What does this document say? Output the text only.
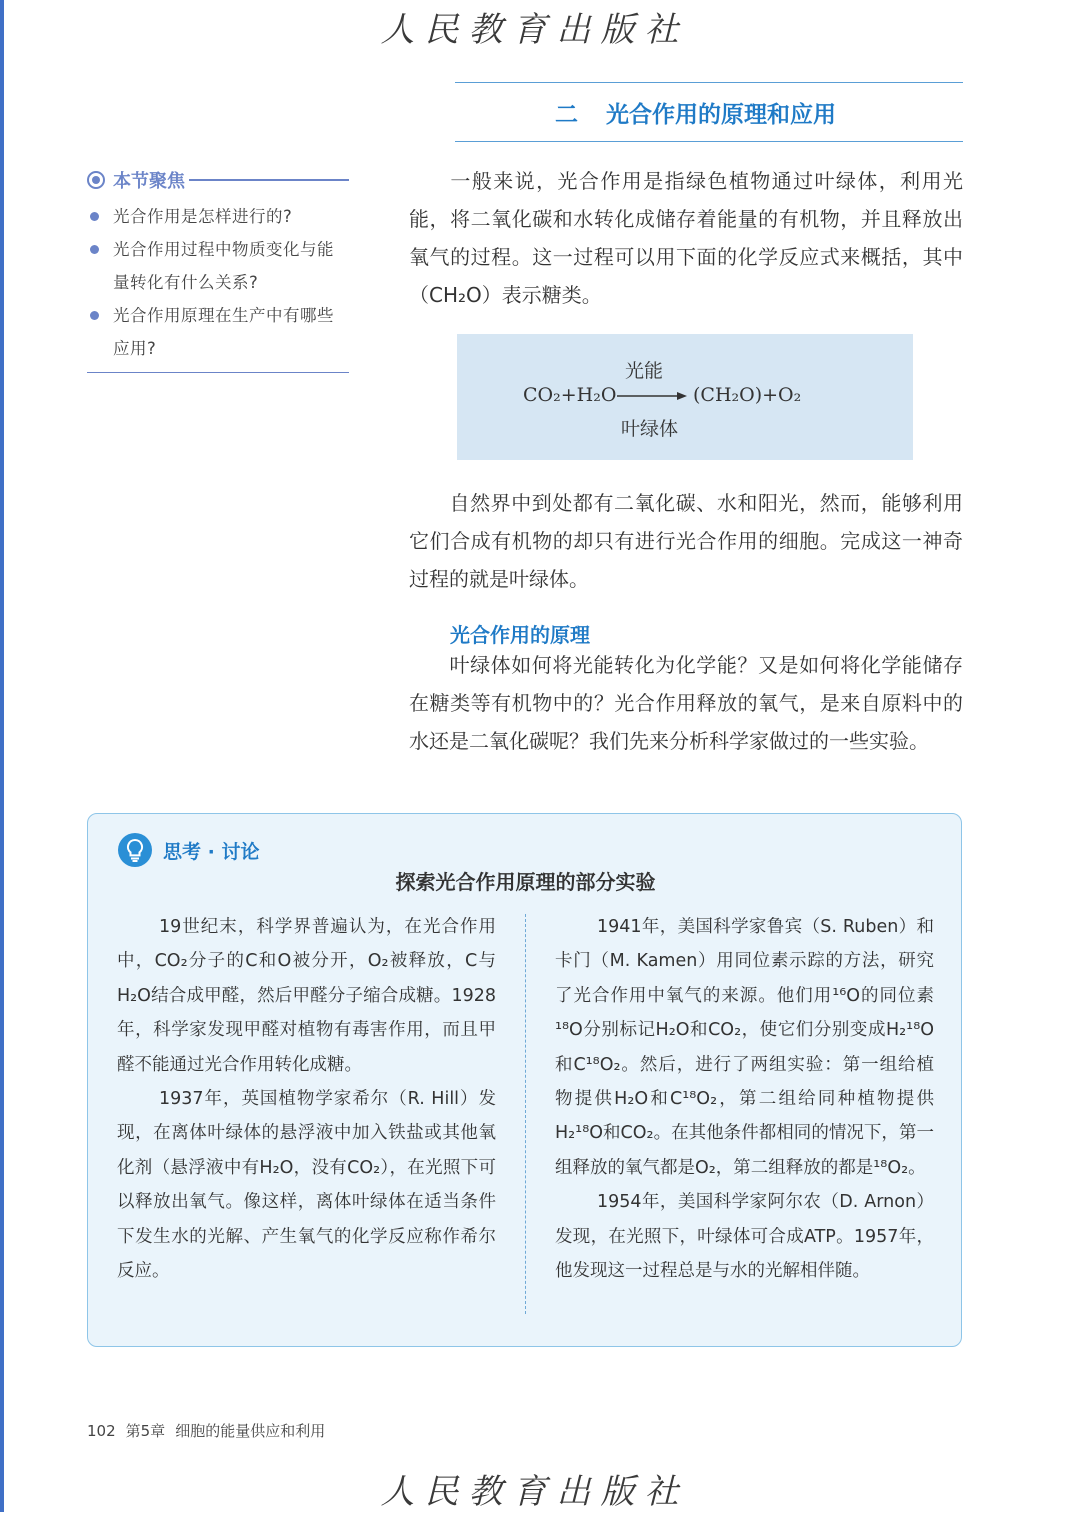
人民教育出版社
二 光合作用的原理和应用
本节聚焦
光合作用是怎样进行的?
光合作用过程中物质变化与能量转化有什么关系?
光合作用原理在生产中有哪些应用?

一般来说，光合作用是指绿色植物通过叶绿体，利用光能，将二氧化碳和水转化成储存着能量的有机物，并且释放出氧气的过程。这一过程可以用下面的化学反应式来概括，其中（CH₂O）表示糖类。

光能
CO₂+H₂O	(CH₂O)+O₂
叶绿体

自然界中到处都有二氧化碳、水和阳光，然而，能够利用它们合成有机物的却只有进行光合作用的细胞。完成这一神奇过程的就是叶绿体。

光合作用的原理

叶绿体如何将光能转化为化学能？又是如何将化学能储存在糖类等有机物中的？光合作用释放的氧气，是来自原料中的水还是二氧化碳呢？我们先来分析科学家做过的一些实验。

思考 · 讨论
探索光合作用原理的部分实验

19世纪末，科学界普遍认为，在光合作用中，CO₂分子的C和O被分开，O₂被释放，C与H₂O结合成甲醛，然后甲醛分子缩合成糖。1928年，科学家发现甲醛对植物有毒害作用，而且甲醛不能通过光合作用转化成糖。

1937年，英国植物学家希尔（R. Hill）发现，在离体叶绿体的悬浮液中加入铁盐或其他氧化剂（悬浮液中有H₂O，没有CO₂），在光照下可以释放出氧气。像这样，离体叶绿体在适当条件下发生水的光解、产生氧气的化学反应称作希尔反应。

1941年，美国科学家鲁宾（S. Ruben）和卡门（M. Kamen）用同位素示踪的方法，研究了光合作用中氧气的来源。他们用¹⁶O的同位素¹⁸O分别标记H₂O和CO₂，使它们分别变成H₂¹⁸O和C¹⁸O₂。然后，进行了两组实验：第一组给植物提供H₂O和C¹⁸O₂，第二组给同种植物提供H₂¹⁸O和CO₂。在其他条件都相同的情况下，第一组释放的氧气都是O₂，第二组释放的都是¹⁸O₂。

1954年，美国科学家阿尔农（D. Arnon）发现，在光照下，叶绿体可合成ATP。1957年，他发现这一过程总是与水的光解相伴随。

102 第5章 细胞的能量供应和利用
人民教育出版社
